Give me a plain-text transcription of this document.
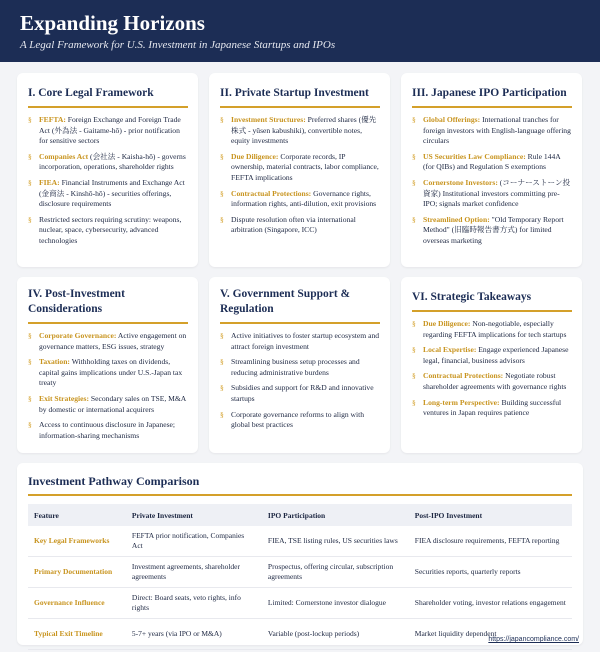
Expanding Horizons
A Legal Framework for U.S. Investment in Japanese Startups and IPOs
I. Core Legal Framework
§ FEFTA: Foreign Exchange and Foreign Trade Act (外為法 - Gaitame-hō) - prior notification for sensitive sectors
§ Companies Act (会社法 - Kaisha-hō) - governs incorporation, operations, shareholder rights
§ FIEA: Financial Instruments and Exchange Act (金商法 - Kinshō-hō) - securities offerings, disclosure requirements
§ Restricted sectors requiring scrutiny: weapons, nuclear, space, cybersecurity, advanced technologies
II. Private Startup Investment
§ Investment Structures: Preferred shares (優先株式 - yūsen kabushiki), convertible notes, equity investments
§ Due Diligence: Corporate records, IP ownership, material contracts, labor compliance, FEFTA implications
§ Contractual Protections: Governance rights, information rights, anti-dilution, exit provisions
§ Dispute resolution often via international arbitration (Singapore, ICC)
III. Japanese IPO Participation
§ Global Offerings: International tranches for foreign investors with English-language offering circulars
§ US Securities Law Compliance: Rule 144A (for QIBs) and Regulation S exemptions
§ Cornerstone Investors: (コーナーストーン投資家) Institutional investors committing pre-IPO; signals market confidence
§ Streamlined Option: "Old Temporary Report Method" (旧臨時報告書方式) for limited overseas marketing
IV. Post-Investment Considerations
§ Corporate Governance: Active engagement on governance matters, ESG issues, strategy
§ Taxation: Withholding taxes on dividends, capital gains implications under U.S.-Japan tax treaty
§ Exit Strategies: Secondary sales on TSE, M&A by domestic or international acquirers
§ Access to continuous disclosure in Japanese; information-sharing mechanisms
V. Government Support & Regulation
§ Active initiatives to foster startup ecosystem and attract foreign investment
§ Streamlining business setup processes and reducing administrative burdens
§ Subsidies and support for R&D and innovative startups
§ Corporate governance reforms to align with global best practices
VI. Strategic Takeaways
§ Due Diligence: Non-negotiable, especially regarding FEFTA implications for tech startups
§ Local Expertise: Engage experienced Japanese legal, financial, business advisors
§ Contractual Protections: Negotiate robust shareholder agreements with governance rights
§ Long-term Perspective: Building successful ventures in Japan requires patience
Investment Pathway Comparison
Feature	Private Investment	IPO Participation	Post-IPO Investment
Key Legal Frameworks	FEFTA prior notification, Companies Act	FIEA, TSE listing rules, US securities laws	FIEA disclosure requirements, FEFTA reporting
Primary Documentation	Investment agreements, shareholder agreements	Prospectus, offering circular, subscription agreements	Securities reports, quarterly reports
Governance Influence	Direct: Board seats, veto rights, info rights	Limited: Cornerstone investor dialogue	Shareholder voting, investor relations engagement
Typical Exit Timeline	5-7+ years (via IPO or M&A)	Variable (post-lockup periods)	Market liquidity dependent
https://japancompliance.com/
